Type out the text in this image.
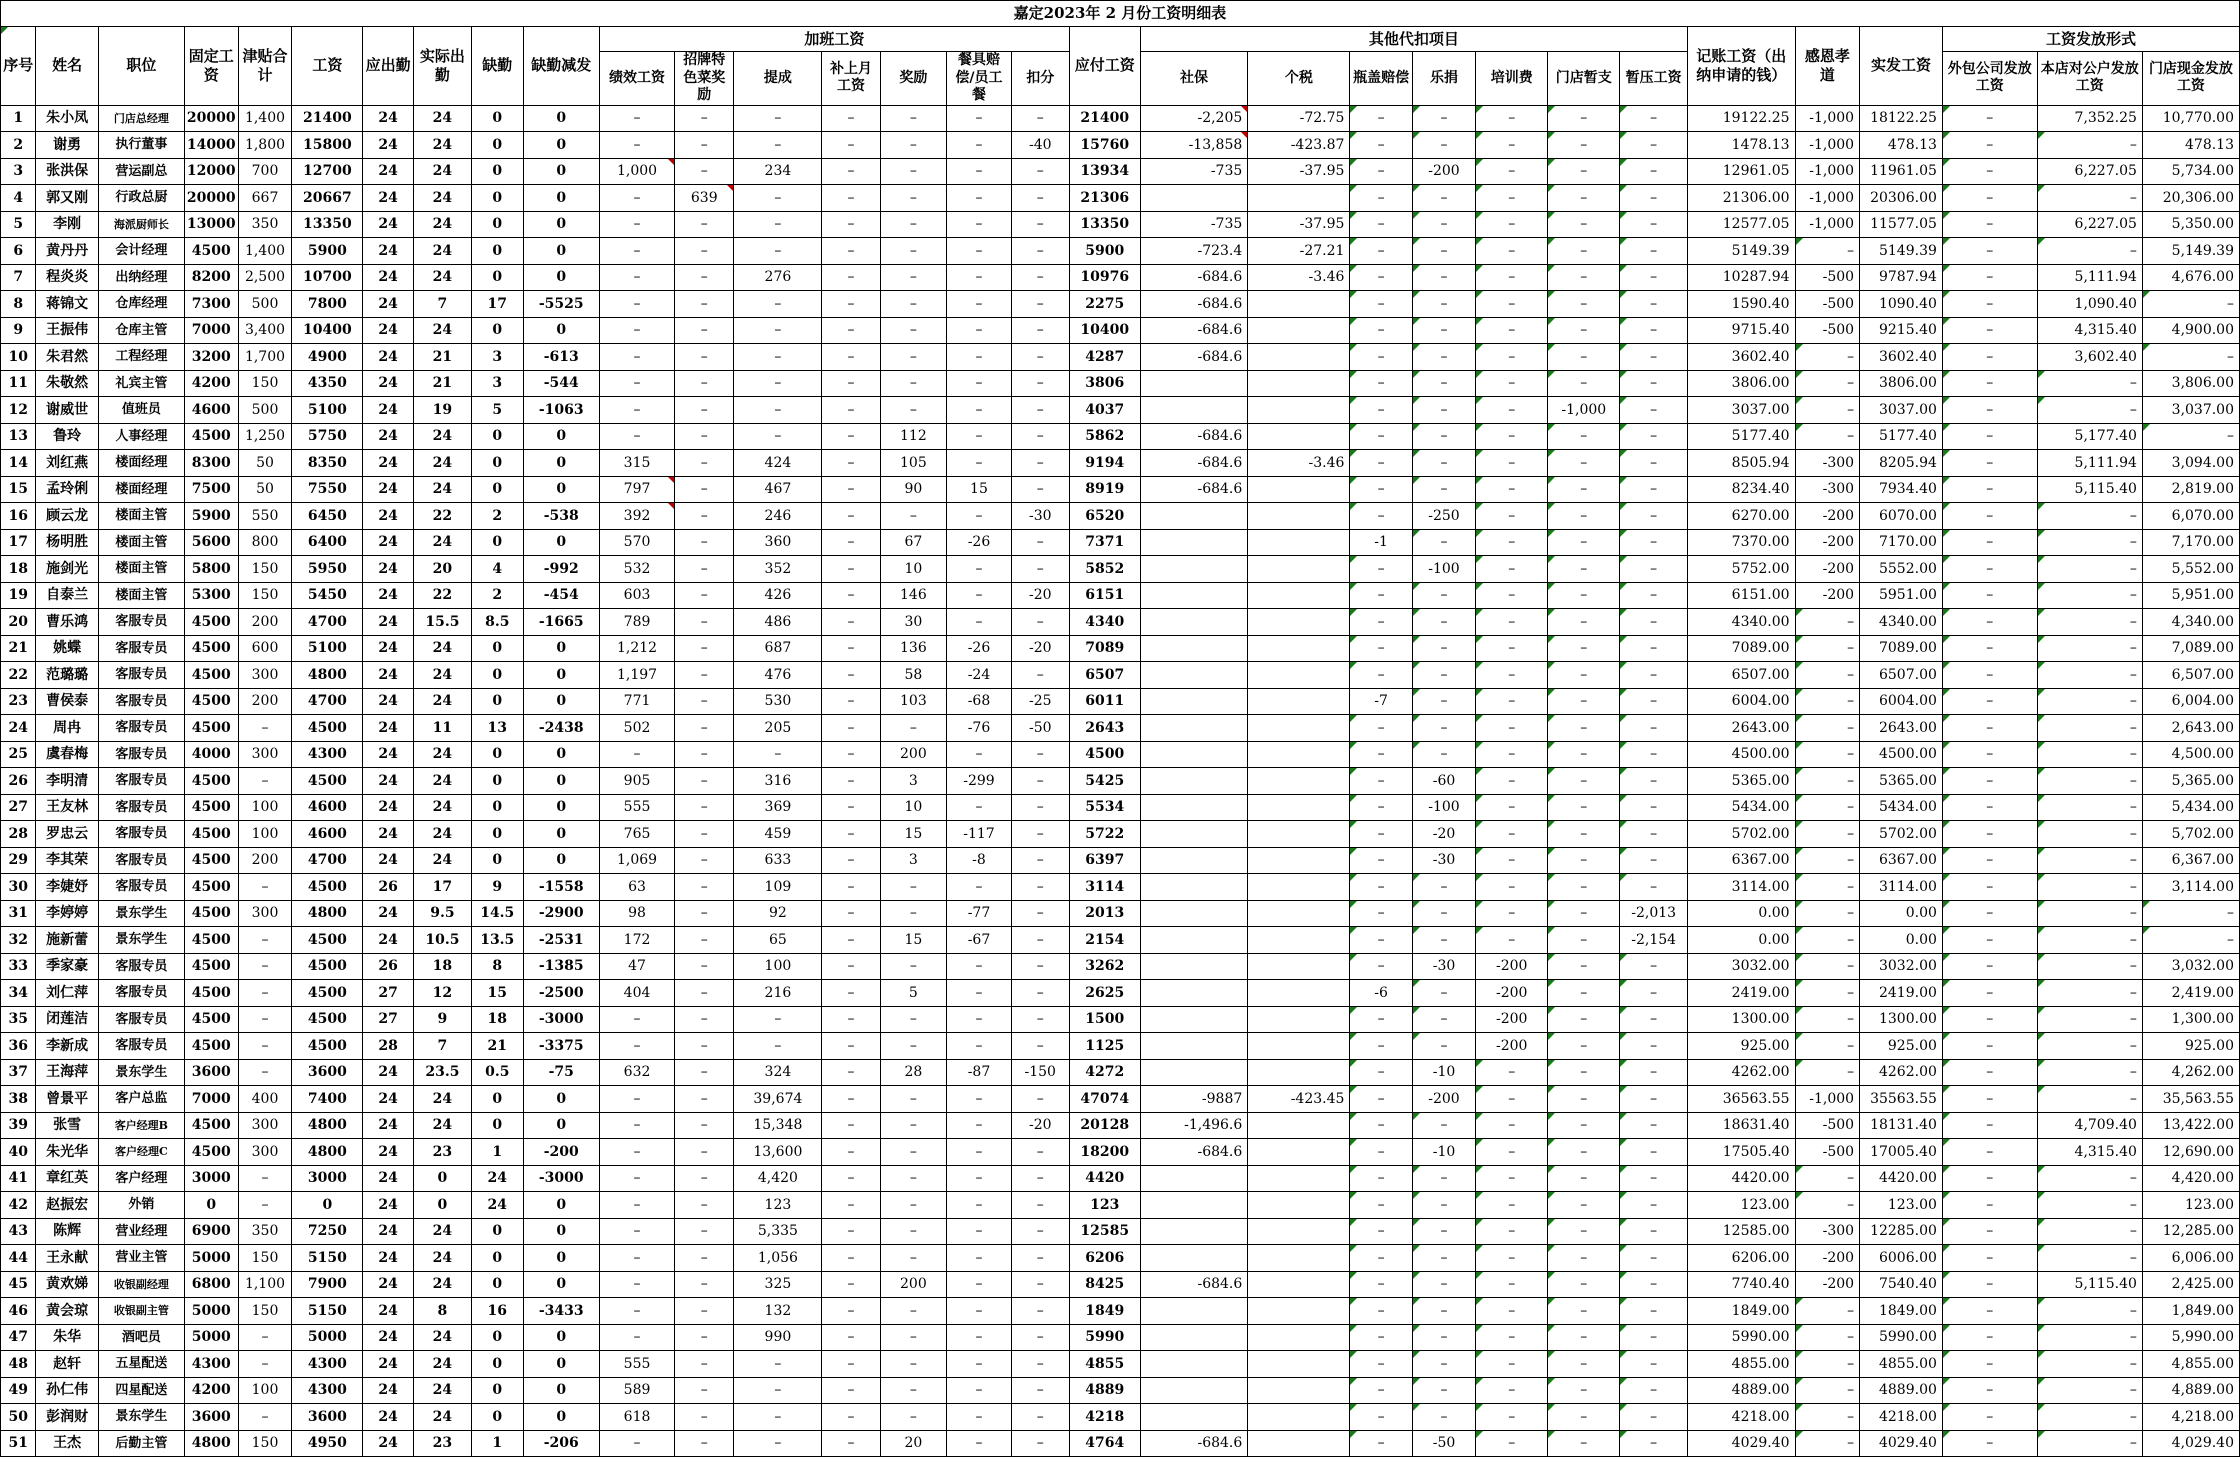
嘉定2023年 2 月份工资明细表																														
序号	姓名	职位	固定工资	津贴合计	工资	应出勤	实际出勤	缺勤	缺勤减发	加班工资							应付工资	其他代扣项目							记账工资（出纳申请的钱）	感恩孝道	实发工资	工资发放形式		
										绩效工资	招牌特色菜奖励	提成	补上月工资	奖励	餐具赔偿/员工餐	扣分		社保	个税	瓶盖赔偿	乐捐	培训费	门店暂支	暂压工资				外包公司发放工资	本店对公户发放工资	门店现金发放工资
1	朱小凤	门店总经理	20000	1,400	21400	24	24	0	0	–	–	–	–	–	–	–	21400	-2,205	-72.75	–	–	–	–	–	19122.25	-1,000	18122.25	–	7,352.25	10,770.00
2	谢勇	执行董事	14000	1,800	15800	24	24	0	0	–	–	–	–	–	–	-40	15760	-13,858	-423.87	–	–	–	–	–	1478.13	-1,000	478.13	–	–	478.13
3	张洪保	营运副总	12000	700	12700	24	24	0	0	1,000	–	234	–	–	–	–	13934	-735	-37.95	–	-200	–	–	–	12961.05	-1,000	11961.05	–	6,227.05	5,734.00
4	郭又刚	行政总厨	20000	667	20667	24	24	0	0	–	639	–	–	–	–	–	21306			–	–	–	–	–	21306.00	-1,000	20306.00	–	–	20,306.00
5	李刚	海派厨师长	13000	350	13350	24	24	0	0	–	–	–	–	–	–	–	13350	-735	-37.95	–	–	–	–	–	12577.05	-1,000	11577.05	–	6,227.05	5,350.00
6	黄丹丹	会计经理	4500	1,400	5900	24	24	0	0	–	–	–	–	–	–	–	5900	-723.4	-27.21	–	–	–	–	–	5149.39	–	5149.39	–	–	5,149.39
7	程炎炎	出纳经理	8200	2,500	10700	24	24	0	0	–	–	276	–	–	–	–	10976	-684.6	-3.46	–	–	–	–	–	10287.94	-500	9787.94	–	5,111.94	4,676.00
8	蒋锦文	仓库经理	7300	500	7800	24	7	17	-5525	–	–	–	–	–	–	–	2275	-684.6		–	–	–	–	–	1590.40	-500	1090.40	–	1,090.40	–
9	王振伟	仓库主管	7000	3,400	10400	24	24	0	0	–	–	–	–	–	–	–	10400	-684.6		–	–	–	–	–	9715.40	-500	9215.40	–	4,315.40	4,900.00
10	朱君然	工程经理	3200	1,700	4900	24	21	3	-613	–	–	–	–	–	–	–	4287	-684.6		–	–	–	–	–	3602.40	–	3602.40	–	3,602.40	–
11	朱敬然	礼宾主管	4200	150	4350	24	21	3	-544	–	–	–	–	–	–	–	3806			–	–	–	–	–	3806.00	–	3806.00	–	–	3,806.00
12	谢威世	值班员	4600	500	5100	24	19	5	-1063	–	–	–	–	–	–	–	4037			–	–	–	-1,000	–	3037.00	–	3037.00	–	–	3,037.00
13	鲁玲	人事经理	4500	1,250	5750	24	24	0	0	–	–	–	–	112	–	–	5862	-684.6		–	–	–	–	–	5177.40	–	5177.40	–	5,177.40	–
14	刘红燕	楼面经理	8300	50	8350	24	24	0	0	315	–	424	–	105	–	–	9194	-684.6	-3.46	–	–	–	–	–	8505.94	-300	8205.94	–	5,111.94	3,094.00
15	孟玲俐	楼面经理	7500	50	7550	24	24	0	0	797	–	467	–	90	15	–	8919	-684.6		–	–	–	–	–	8234.40	-300	7934.40	–	5,115.40	2,819.00
16	顾云龙	楼面主管	5900	550	6450	24	22	2	-538	392	–	246	–	–	–	-30	6520			–	-250	–	–	–	6270.00	-200	6070.00	–	–	6,070.00
17	杨明胜	楼面主管	5600	800	6400	24	24	0	0	570	–	360	–	67	-26	–	7371			-1	–	–	–	–	7370.00	-200	7170.00	–	–	7,170.00
18	施剑光	楼面主管	5800	150	5950	24	20	4	-992	532	–	352	–	10	–	–	5852			–	-100	–	–	–	5752.00	-200	5552.00	–	–	5,552.00
19	自泰兰	楼面主管	5300	150	5450	24	22	2	-454	603	–	426	–	146	–	-20	6151			–	–	–	–	–	6151.00	-200	5951.00	–	–	5,951.00
20	曹乐鸿	客服专员	4500	200	4700	24	15.5	8.5	-1665	789	–	486	–	30	–	–	4340			–	–	–	–	–	4340.00	–	4340.00	–	–	4,340.00
21	姚蝶	客服专员	4500	600	5100	24	24	0	0	1,212	–	687	–	136	-26	-20	7089			–	–	–	–	–	7089.00	–	7089.00	–	–	7,089.00
22	范璐璐	客服专员	4500	300	4800	24	24	0	0	1,197	–	476	–	58	-24	–	6507			–	–	–	–	–	6507.00	–	6507.00	–	–	6,507.00
23	曹侯泰	客服专员	4500	200	4700	24	24	0	0	771	–	530	–	103	-68	-25	6011			-7	–	–	–	–	6004.00	–	6004.00	–	–	6,004.00
24	周冉	客服专员	4500	–	4500	24	11	13	-2438	502	–	205	–	–	-76	-50	2643			–	–	–	–	–	2643.00	–	2643.00	–	–	2,643.00
25	虞春梅	客服专员	4000	300	4300	24	24	0	0	–	–	–	–	200	–	–	4500			–	–	–	–	–	4500.00	–	4500.00	–	–	4,500.00
26	李明清	客服专员	4500	–	4500	24	24	0	0	905	–	316	–	3	-299	–	5425			–	-60	–	–	–	5365.00	–	5365.00	–	–	5,365.00
27	王友林	客服专员	4500	100	4600	24	24	0	0	555	–	369	–	10	–	–	5534			–	-100	–	–	–	5434.00	–	5434.00	–	–	5,434.00
28	罗忠云	客服专员	4500	100	4600	24	24	0	0	765	–	459	–	15	-117	–	5722			–	-20	–	–	–	5702.00	–	5702.00	–	–	5,702.00
29	李其荣	客服专员	4500	200	4700	24	24	0	0	1,069	–	633	–	3	-8	–	6397			–	-30	–	–	–	6367.00	–	6367.00	–	–	6,367.00
30	李婕妤	客服专员	4500	–	4500	26	17	9	-1558	63	–	109	–	–	–	–	3114			–	–	–	–	–	3114.00	–	3114.00	–	–	3,114.00
31	李婷婷	景东学生	4500	300	4800	24	9.5	14.5	-2900	98	–	92	–	–	-77	–	2013			–	–	–	–	-2,013	0.00	–	0.00	–	–	–
32	施新蕾	景东学生	4500	–	4500	24	10.5	13.5	-2531	172	–	65	–	15	-67	–	2154			–	–	–	–	-2,154	0.00	–	0.00	–	–	–
33	季家豪	客服专员	4500	–	4500	26	18	8	-1385	47	–	100	–	–	–	–	3262			–	-30	-200	–	–	3032.00	–	3032.00	–	–	3,032.00
34	刘仁萍	客服专员	4500	–	4500	27	12	15	-2500	404	–	216	–	5	–	–	2625			-6	–	-200	–	–	2419.00	–	2419.00	–	–	2,419.00
35	闭莲洁	客服专员	4500	–	4500	27	9	18	-3000	–	–	–	–	–	–	–	1500			–	–	-200	–	–	1300.00	–	1300.00	–	–	1,300.00
36	李新成	客服专员	4500	–	4500	28	7	21	-3375	–	–	–	–	–	–	–	1125			–	–	-200	–	–	925.00	–	925.00	–	–	925.00
37	王海萍	景东学生	3600	–	3600	24	23.5	0.5	-75	632	–	324	–	28	-87	-150	4272			–	-10	–	–	–	4262.00	–	4262.00	–	–	4,262.00
38	曾景平	客户总监	7000	400	7400	24	24	0	0	–	–	39,674	–	–	–	–	47074	-9887	-423.45	–	-200	–	–	–	36563.55	-1,000	35563.55	–	–	35,563.55
39	张雪	客户经理B	4500	300	4800	24	24	0	0	–	–	15,348	–	–	–	-20	20128	-1,496.6		–	–	–	–	–	18631.40	-500	18131.40	–	4,709.40	13,422.00
40	朱光华	客户经理C	4500	300	4800	24	23	1	-200	–	–	13,600	–	–	–	–	18200	-684.6		–	-10	–	–	–	17505.40	-500	17005.40	–	4,315.40	12,690.00
41	章红英	客户经理	3000	–	3000	24	0	24	-3000	–	–	4,420	–	–	–	–	4420			–	–	–	–	–	4420.00	–	4420.00	–	–	4,420.00
42	赵振宏	外销	0	–	0	24	0	24	0	–	–	123	–	–	–	–	123			–	–	–	–	–	123.00	–	123.00	–	–	123.00
43	陈辉	营业经理	6900	350	7250	24	24	0	0	–	–	5,335	–	–	–	–	12585			–	–	–	–	–	12585.00	-300	12285.00	–	–	12,285.00
44	王永献	营业主管	5000	150	5150	24	24	0	0	–	–	1,056	–	–	–	–	6206			–	–	–	–	–	6206.00	-200	6006.00	–	–	6,006.00
45	黄欢娣	收银副经理	6800	1,100	7900	24	24	0	0	–	–	325	–	200	–	–	8425	-684.6		–	–	–	–	–	7740.40	-200	7540.40	–	5,115.40	2,425.00
46	黄会琼	收银副主管	5000	150	5150	24	8	16	-3433	–	–	132	–	–	–	–	1849			–	–	–	–	–	1849.00	–	1849.00	–	–	1,849.00
47	朱华	酒吧员	5000	–	5000	24	24	0	0	–	–	990	–	–	–	–	5990			–	–	–	–	–	5990.00	–	5990.00	–	–	5,990.00
48	赵轩	五星配送	4300	–	4300	24	24	0	0	555	–	–	–	–	–	–	4855			–	–	–	–	–	4855.00	–	4855.00	–	–	4,855.00
49	孙仁伟	四星配送	4200	100	4300	24	24	0	0	589	–	–	–	–	–	–	4889			–	–	–	–	–	4889.00	–	4889.00	–	–	4,889.00
50	彭润财	景东学生	3600	–	3600	24	24	0	0	618	–	–	–	–	–	–	4218			–	–	–	–	–	4218.00	–	4218.00	–	–	4,218.00
51	王杰	后勤主管	4800	150	4950	24	23	1	-206	–	–	–	–	20	–	–	4764	-684.6		–	-50	–	–	–	4029.40	–	4029.40	–	–	4,029.40
